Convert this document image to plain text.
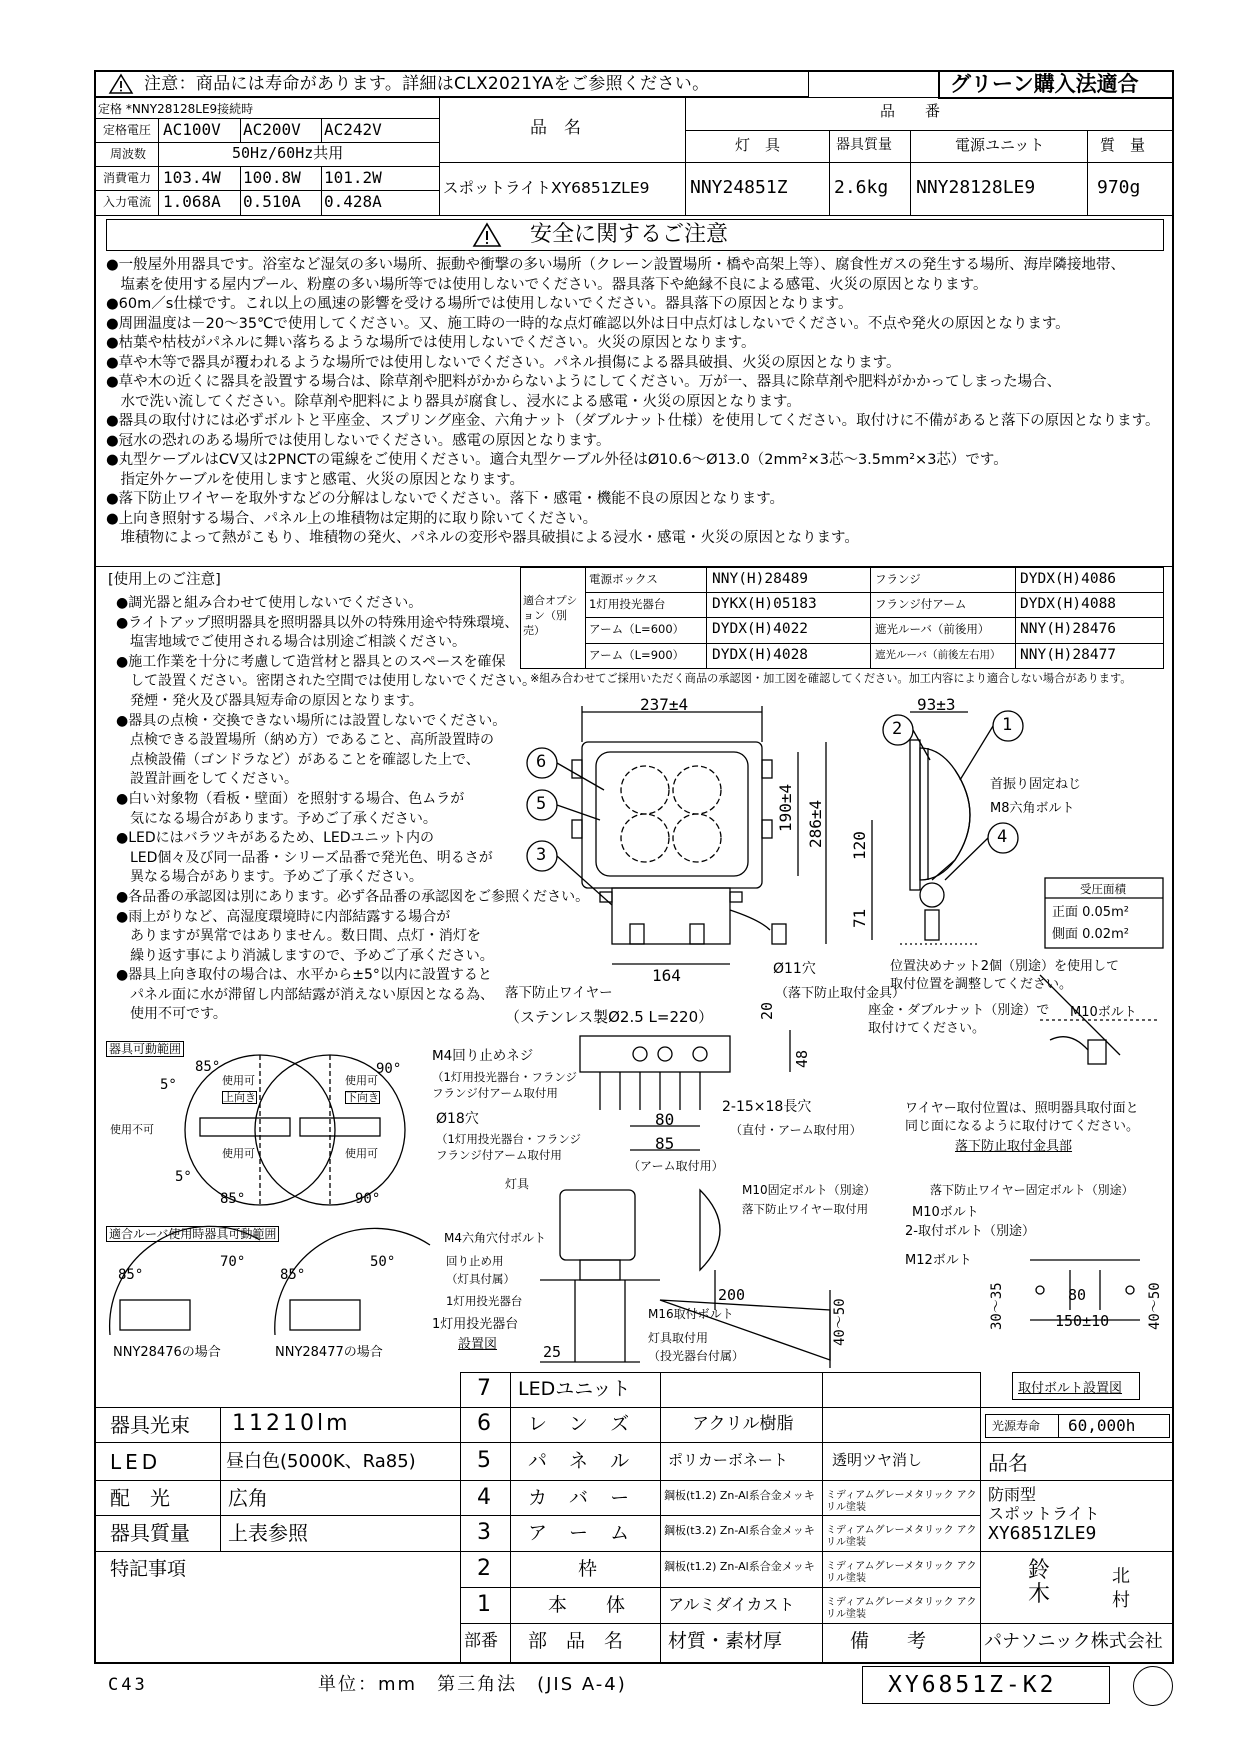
注意：商品には寿命があります。詳細はCLX2021YAをご参照ください。	グリーン購入法適合
定格 *NNY28128LE9接続時
定格電圧 AC100V AC200V AC242V
周波数	50Hz/60Hz共用
消費電力 103.4W 100.8W 101.2W
入力電流 1.068A 0.510A 0.428A
品　名
品　　番
灯　具	器具質量	電源ユニット	質　量
スポットライトXY6851ZLE9 NNY24851Z	2.6kg NNY28128LE9	970g
安全に関するご注意
●一般屋外用器具です。浴室など湿気の多い場所、振動や衝撃の多い場所（クレーン設置場所・橋や高架上等）、腐食性ガスの発生する場所、海岸隣接地帯、
　塩素を使用する屋内プール、粉塵の多い場所等では使用しないでください。器具落下や絶縁不良による感電、火災の原因となります。
●60m／s仕様です。これ以上の風速の影響を受ける場所では使用しないでください。器具落下の原因となります。
●周囲温度は－20～35℃で使用してください。又、施工時の一時的な点灯確認以外は日中点灯はしないでください。不点や発火の原因となります。
●枯葉や枯枝がパネルに舞い落ちるような場所では使用しないでください。火災の原因となります。
●草や木等で器具が覆われるような場所では使用しないでください。パネル損傷による器具破損、火災の原因となります。
●草や木の近くに器具を設置する場合は、除草剤や肥料がかからないようにしてください。万が一、器具に除草剤や肥料がかかってしまった場合、
　水で洗い流してください。除草剤や肥料により器具が腐食し、浸水による感電・火災の原因となります。
●器具の取付けには必ずボルトと平座金、スプリング座金、六角ナット（ダブルナット仕様）を使用してください。取付けに不備があると落下の原因となります。
●冠水の恐れのある場所では使用しないでください。感電の原因となります。
●丸型ケーブルはCV又は2PNCTの電線をご使用ください。適合丸型ケーブル外径はØ10.6～Ø13.0（2mm²×3芯～3.5mm²×3芯）です。
　指定外ケーブルを使用しますと感電、火災の原因となります。
●落下防止ワイヤーを取外すなどの分解はしないでください。落下・感電・機能不良の原因となります。
●上向き照射する場合、パネル上の堆積物は定期的に取り除いてください。
　堆積物によって熱がこもり、堆積物の発火、パネルの変形や器具破損による浸水・感電・火災の原因となります。
[使用上のご注意]
●調光器と組み合わせて使用しないでください。
●ライトアップ照明器具を照明器具以外の特殊用途や特殊環境、
　塩害地域でご使用される場合は別途ご相談ください。
●施工作業を十分に考慮して造営材と器具とのスペースを確保
　して設置ください。密閉された空間では使用しないでください。
　発煙・発火及び器具短寿命の原因となります。
●器具の点検・交換できない場所には設置しないでください。
　点検できる設置場所（納め方）であること、高所設置時の
　点検設備（ゴンドラなど）があることを確認した上で、
　設置計画をしてください。
●白い対象物（看板・壁面）を照射する場合、色ムラが
　気になる場合があります。予めご了承ください。
●LEDにはバラツキがあるため、LEDユニット内の
　LED個々及び同一品番・シリーズ品番で発光色、明るさが
　異なる場合があります。予めご了承ください。
●各品番の承認図は別にあります。必ず各品番の承認図をご参照ください。
●雨上がりなど、高湿度環境時に内部結露する場合が
　ありますが異常ではありません。数日間、点灯・消灯を
　繰り返す事により消滅しますので、予めご了承ください。
●器具上向き取付の場合は、水平から±5°以内に設置すると
　パネル面に水が滞留し内部結露が消えない原因となる為、
　使用不可です。
適合オプション（別売）
電源ボックス	NNY(H)28489	フランジ	DYDX(H)4086
1灯用投光器台	DYKX(H)05183	フランジ付アーム	DYDX(H)4088
アーム（L=600） DYDX(H)4022	遮光ルーバ（前後用） NNY(H)28476
アーム（L=900） DYDX(H)4028	遮光ルーバ（前後左右用） NNY(H)28477
※組み合わせてご採用いただく商品の承認図・加工図を確認してください。加工内容により適合しない場合があります。
237±4	93±3
190±4 286±4 120
71
164	Ø11穴
首振り固定ねじ
M8六角ボルト
落下防止ワイヤー
（ステンレス製Ø2.5 L=220）
（落下防止取付金具）
位置決めナット2個（別途）を使用して
取付位置を調整してください。
座金・ダブルナット（別途）で
取付けてください。
M10ボルト
ワイヤー取付位置は、照明器具取付面と
同じ面になるように取付けてください。
落下防止取付金具部
受圧面積
正面 0.05m²
側面 0.02m²
M4回り止めネジ
（1灯用投光器台・フランジ
フランジ付アーム取付用
Ø18穴
（1灯用投光器台・フランジ
フランジ付アーム取付用
2-15×18長穴
（直付・アーム取付用）
20
48
80
85
（アーム取付用）
器具可動範囲
使用可
上向き
使用可
下向き
使用不可
使用可	使用可
5°
85°	90°
5°
85°	90°
適合ルーバ使用時器具可動範囲
85°
70°
85°
50°
NNY28476の場合	NNY28477の場合
灯具
M4六角穴付ボルト
回り止め用
（灯具付属）
1灯用投光器台
1灯用投光器台
設置図	25
M10固定ボルト（別途）
落下防止ワイヤー取付用
200
M16取付ボルト
灯具取付用
（投光器台付属）
40～50
落下防止ワイヤー固定ボルト（別途）
M10ボルト
2-取付ボルト（別途）
M12ボルト
30～35	80
150±10	40～50
取付ボルト設置図
6
5
3
2	1
4
器具光束 11210lm
LED	昼白色(5000K、Ra85)
配　光	広角
器具質量 上表参照
特記事項
7 LEDユニット
6 レ ン ズ	アクリル樹脂
5 パ ネ ル ポリカーボネート	透明ツヤ消し
4 カ バ ー 鋼板(t1.2) Zn-Al系合金メッキ	ミディアムグレーメタリック アクリル塗装
3 ア ー ム 鋼板(t3.2) Zn-Al系合金メッキ	ミディアムグレーメタリック アクリル塗装
2	枠	鋼板(t1.2) Zn-Al系合金メッキ	ミディアムグレーメタリック アクリル塗装
1	本　体 アルミダイカスト	ミディアムグレーメタリック アクリル塗装
部番 部　品　名 材質・素材厚	備　　考
光源寿命 60,000h
品名
防雨型
スポットライト
XY6851ZLE9
鈴	北
木	村
パナソニック株式会社
C43	単位：mm　第三角法　(JIS A-4)	XY6851Z-K2
